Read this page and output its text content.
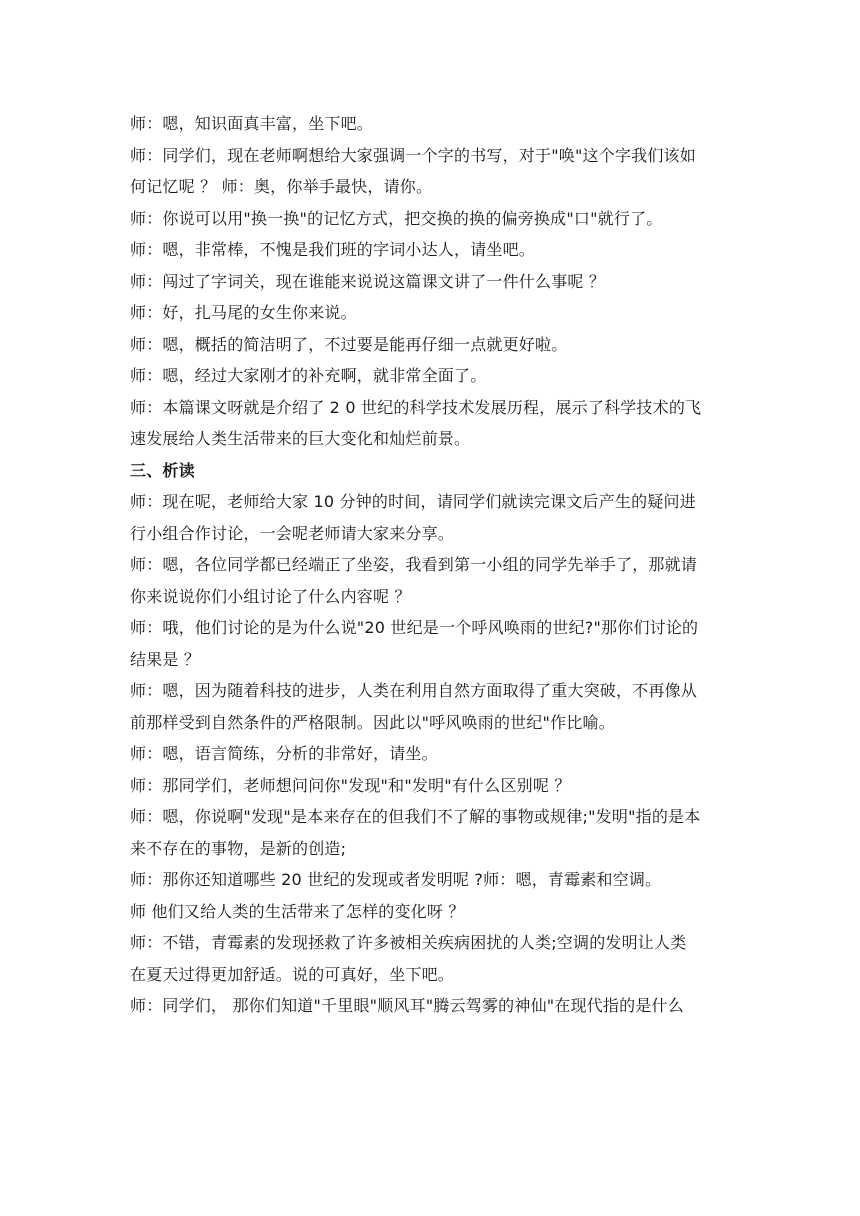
师：嗯，知识面真丰富，坐下吧。
师：同学们，现在老师啊想给大家强调一个字的书写，对于"唤"这个字我们该如
何记忆呢 ？ 师：奥，你举手最快，请你。
师：你说可以用"换一换"的记忆方式，把交换的换的偏旁换成"口"就行了。
师：嗯，非常棒，不愧是我们班的字词小达人，请坐吧。
师：闯过了字词关，现在谁能来说说这篇课文讲了一件什么事呢 ？
师：好，扎马尾的女生你来说。
师：嗯，概括的简洁明了，不过要是能再仔细一点就更好啦。
师：嗯，经过大家刚才的补充啊，就非常全面了。
师：本篇课文呀就是介绍了 2 0 世纪的科学技术发展历程，展示了科学技术的飞
速发展给人类生活带来的巨大变化和灿烂前景。
三、析读
师：现在呢，老师给大家 10 分钟的时间，请同学们就读完课文后产生的疑问进
行小组合作讨论，一会呢老师请大家来分享。
师：嗯，各位同学都已经端正了坐姿，我看到第一小组的同学先举手了，那就请
你来说说你们小组讨论了什么内容呢 ？
师：哦，他们讨论的是为什么说"20 世纪是一个呼风唤雨的世纪?"那你们讨论的
结果是 ？
师：嗯，因为随着科技的进步，人类在利用自然方面取得了重大突破，不再像从
前那样受到自然条件的严格限制。因此以"呼风唤雨的世纪"作比喻。
师：嗯，语言简练，分析的非常好，请坐。
师：那同学们，老师想问问你"发现"和"发明"有什么区别呢 ？
师：嗯，你说啊"发现"是本来存在的但我们不了解的事物或规律;"发明"指的是本
来不存在的事物，是新的创造;
师：那你还知道哪些 20 世纪的发现或者发明呢 ?师：嗯，青霉素和空调。
师 他们又给人类的生活带来了怎样的变化呀 ？
师：不错，青霉素的发现拯救了许多被相关疾病困扰的人类;空调的发明让人类
在夏天过得更加舒适。说的可真好，坐下吧。
师：同学们， 那你们知道"千里眼"顺风耳"腾云驾雾的神仙"在现代指的是什么
